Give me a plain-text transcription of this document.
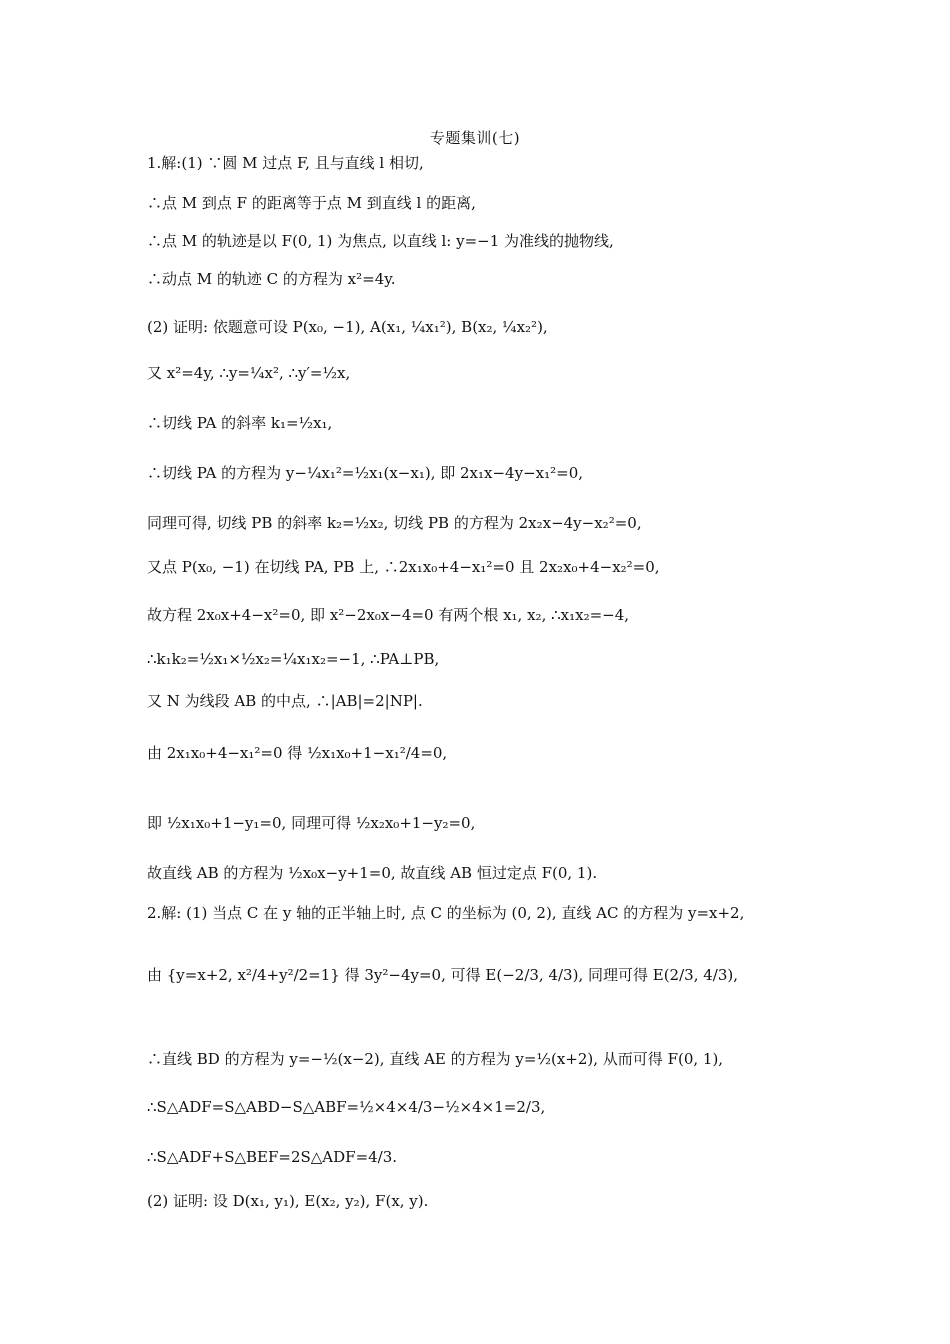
专题集训(七)
1.解:(1) ∵圆 M 过点 F, 且与直线 l 相切,
∴点 M 到点 F 的距离等于点 M 到直线 l 的距离,
∴点 M 的轨迹是以 F(0, 1) 为焦点, 以直线 l: y=−1 为准线的抛物线,
∴动点 M 的轨迹 C 的方程为 x²=4y.
(2) 证明: 依题意可设 P(x₀, −1), A(x₁, ¼x₁²), B(x₂, ¼x₂²),
又 x²=4y, ∴y=¼x², ∴y′=½x,
∴切线 PA 的斜率 k₁=½x₁,
∴切线 PA 的方程为 y−¼x₁²=½x₁(x−x₁), 即 2x₁x−4y−x₁²=0,
同理可得, 切线 PB 的斜率 k₂=½x₂, 切线 PB 的方程为 2x₂x−4y−x₂²=0,
又点 P(x₀, −1) 在切线 PA, PB 上, ∴2x₁x₀+4−x₁²=0 且 2x₂x₀+4−x₂²=0,
故方程 2x₀x+4−x²=0, 即 x²−2x₀x−4=0 有两个根 x₁, x₂, ∴x₁x₂=−4,
∴k₁k₂=½x₁×½x₂=¼x₁x₂=−1, ∴PA⊥PB,
又 N 为线段 AB 的中点, ∴|AB|=2|NP|.
由 2x₁x₀+4−x₁²=0 得 ½x₁x₀+1−x₁²/4=0,
即 ½x₁x₀+1−y₁=0, 同理可得 ½x₂x₀+1−y₂=0,
故直线 AB 的方程为 ½x₀x−y+1=0, 故直线 AB 恒过定点 F(0, 1).
2.解: (1) 当点 C 在 y 轴的正半轴上时, 点 C 的坐标为 (0, 2), 直线 AC 的方程为 y=x+2,
由 {y=x+2, x²/4+y²/2=1} 得 3y²−4y=0, 可得 E(−2/3, 4/3), 同理可得 E(2/3, 4/3),
∴直线 BD 的方程为 y=−½(x−2), 直线 AE 的方程为 y=½(x+2), 从而可得 F(0, 1),
∴S△ADF=S△ABD−S△ABF=½×4×4/3−½×4×1=2/3,
∴S△ADF+S△BEF=2S△ADF=4/3.
(2) 证明: 设 D(x₁, y₁), E(x₂, y₂), F(x, y).
